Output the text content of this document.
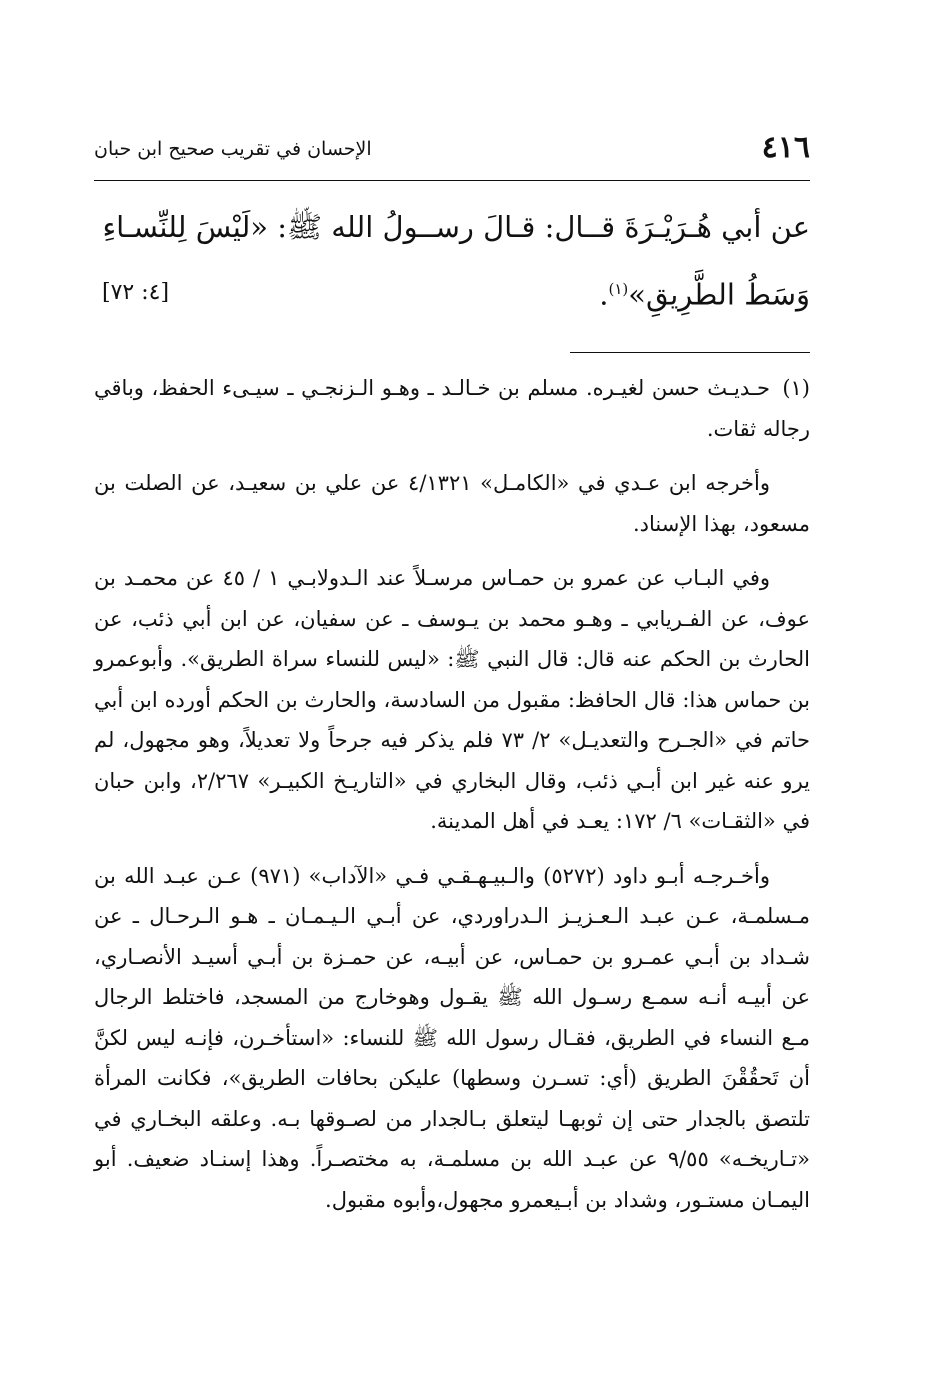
٤١٦
الإحسان في تقريب صحيح ابن حبان
عن أبي هُـرَيْـرَةَ قــال: قـالَ رســولُ الله ﷺ: «لَيْسَ لِلنِّسـاءِ
وَسَطُ الطَّرِيقِ»$^{(١)}$.
[٤: ٧٢]

(١)حـديـث حسن لغيـره. مسلم بن خـالـد ـ وهـو الـزنجـي ـ سيـىء الحفظ، وباقي رجاله ثقات.

وأخرجه ابن عـدي في «الكامـل» ٤/١٣٢١ عن علي بن سعيـد، عن الصلت بن مسعود، بهذا الإسناد.

وفي البـاب عن عمرو بن حمـاس مرسـلاً عند الـدولابـي ١ / ٤٥ عن محمـد بن عوف، عن الفـريابي ـ وهـو محمد بن يـوسف ـ عن سفيان، عن ابن أبي ذئب، عن الحارث بن الحكم عنه قال: قال النبي ﷺ: «ليس للنساء سراة الطريق». وأبوعمرو بن حماس هذا: قال الحافظ: مقبول من السادسة، والحارث بن الحكم أورده ابن أبي حاتم في «الجـرح والتعديـل» ٢/ ٧٣ فلم يذكر فيه جرحاً ولا تعديلاً، وهو مجهول، لم يرو عنه غير ابن أبـي ذئب، وقال البخاري في «التاريـخ الكبيـر» ٢/٢٦٧، وابن حبان في «الثقـات» ٦/ ١٧٢: يعـد في أهل المدينة.

وأخـرجـه أبـو داود (٥٢٧٢) والـبيـهـقـي فـي «الآداب» (٩٧١) عـن عبـد الله بن مـسلمـة، عـن عبـد الـعـزيـز الـدراوردي، عن أبـي الـيـمـان ـ هـو الـرحـال ـ عن شـداد بن أبـي عمـرو بن حمـاس، عن أبيـه، عن حمـزة بن أبـي أسيـد الأنصـاري، عن أبيـه أنـه سمـع رسـول الله ﷺ يقـول وهوخارج من المسجد، فاختلط الرجال مـع النساء في الطريق، فقـال رسول الله ﷺ للنساء: «استأخـرن، فإنـه ليس لكنَّ أن تَحقُقْنَ الطريق (أي: تسـرن وسطها) عليكن بحافات الطريق»، فكانت المرأة تلتصق بالجدار حتى إن ثوبهـا ليتعلق بـالجدار من لصـوقها بـه. وعلقه البخـاري في «تـاريخـه» ٩/٥٥ عن عبـد الله بن مسلمـة، به مختصـراً. وهذا إسنـاد ضعيف. أبو اليمـان مستـور، وشداد بن أبـيعمرو مجهول،وأبوه مقبول.
